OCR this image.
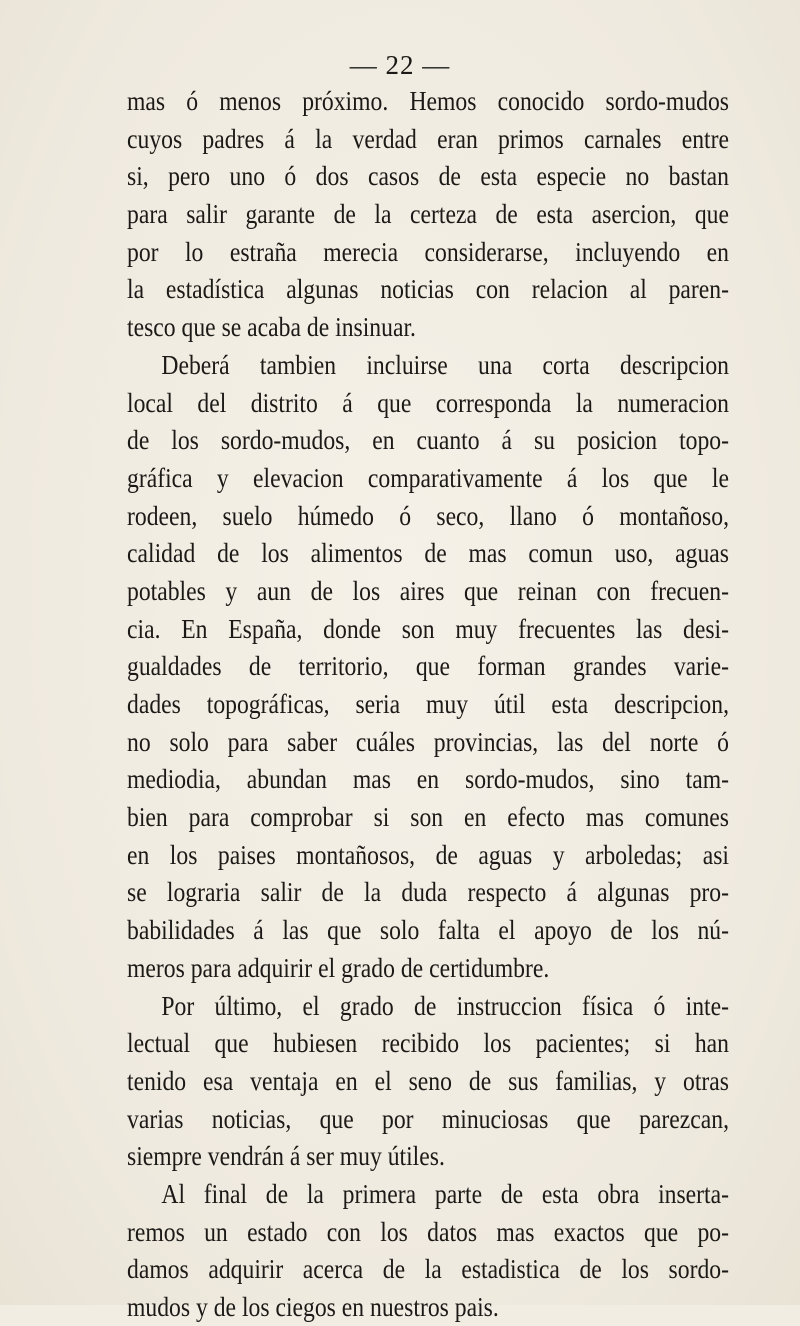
— 22 —
mas ó menos próximo. Hemos conocido sordo-mudos
cuyos padres á la verdad eran primos carnales entre
si, pero uno ó dos casos de esta especie no bastan
para salir garante de la certeza de esta asercion, que
por lo estraña merecia considerarse, incluyendo en
la estadística algunas noticias con relacion al paren-
tesco que se acaba de insinuar.
Deberá tambien incluirse una corta descripcion
local del distrito á que corresponda la numeracion
de los sordo-mudos, en cuanto á su posicion topo-
gráfica y elevacion comparativamente á los que le
rodeen, suelo húmedo ó seco, llano ó montañoso,
calidad de los alimentos de mas comun uso, aguas
potables y aun de los aires que reinan con frecuen-
cia. En España, donde son muy frecuentes las desi-
gualdades de territorio, que forman grandes varie-
dades topográficas, seria muy útil esta descripcion,
no solo para saber cuáles provincias, las del norte ó
mediodia, abundan mas en sordo-mudos, sino tam-
bien para comprobar si son en efecto mas comunes
en los paises montañosos, de aguas y arboledas; asi
se lograria salir de la duda respecto á algunas pro-
babilidades á las que solo falta el apoyo de los nú-
meros para adquirir el grado de certidumbre.
Por último, el grado de instruccion física ó inte-
lectual que hubiesen recibido los pacientes; si han
tenido esa ventaja en el seno de sus familias, y otras
varias noticias, que por minuciosas que parezcan,
siempre vendrán á ser muy útiles.
Al final de la primera parte de esta obra inserta-
remos un estado con los datos mas exactos que po-
damos adquirir acerca de la estadistica de los sordo-
mudos y de los ciegos en nuestros pais.
